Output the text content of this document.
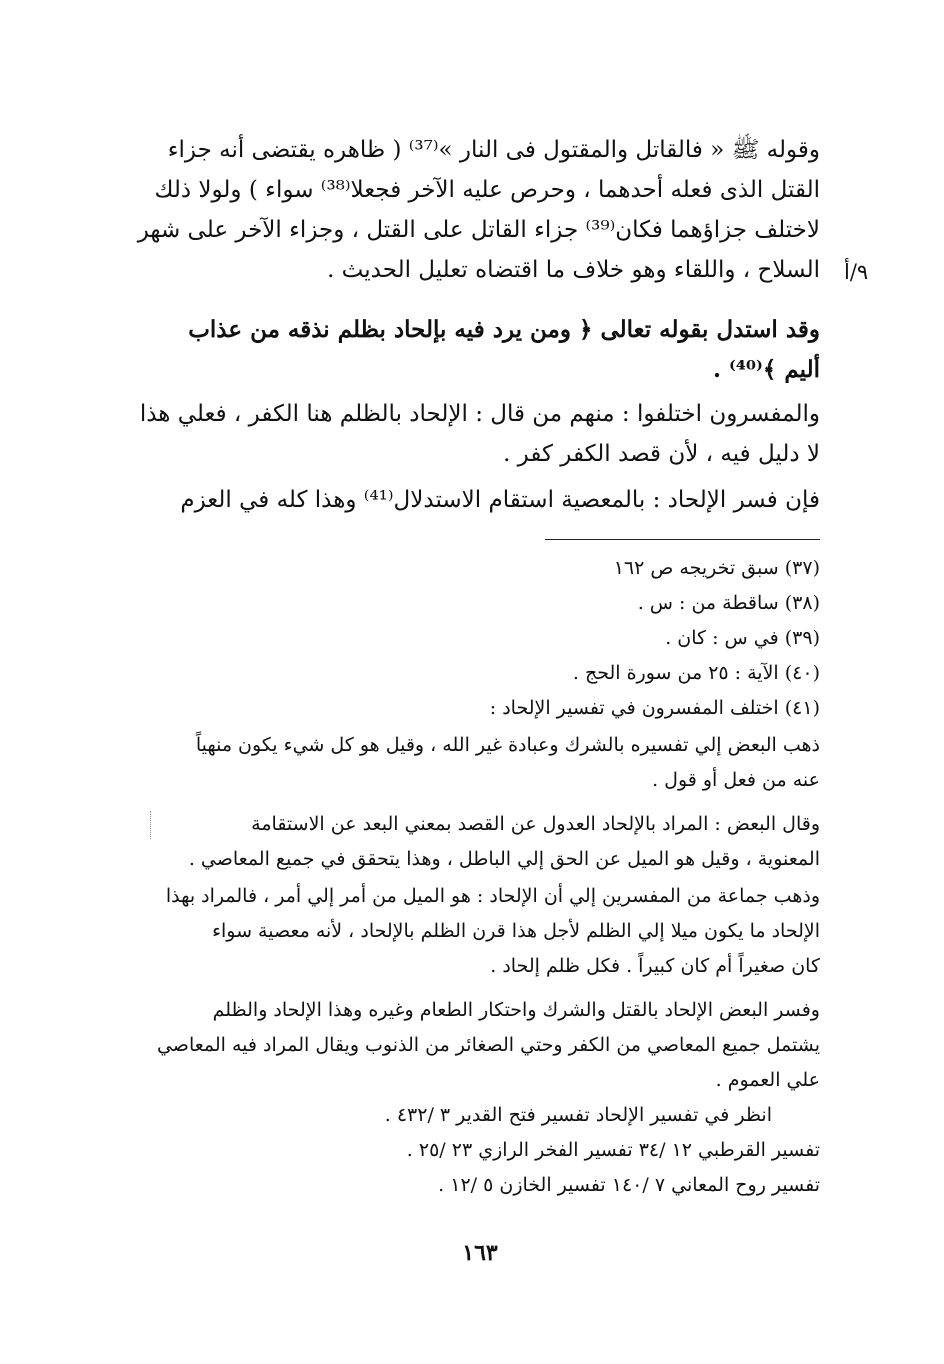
وقوله ﷺ « فالقاتل والمقتول فى النار »⁽³⁷⁾ ( ظاهره يقتضى أنه جزاء
القتل الذى فعله أحدهما ، وحرص عليه الآخر فجعلا⁽³⁸⁾ سواء ) ولولا ذلك
لاختلف جزاؤهما فكان⁽³⁹⁾ جزاء القاتل على القتل ، وجزاء الآخر على شهر
السلاح ، واللقاء وهو خلاف ما اقتضاه تعليل الحديث . ٩/أ
وقد استدل بقوله تعالى ﴿ ومن يرد فيه بإلحاد بظلم نذقه من عذاب
أليم ﴾⁽⁴⁰⁾ .
والمفسرون اختلفوا : منهم من قال : الإلحاد بالظلم هنا الكفر ، فعلي هذا
لا دليل فيه ، لأن قصد الكفر كفر .
فإن فسر الإلحاد : بالمعصية استقام الاستدلال⁽⁴¹⁾ وهذا كله في العزم
(٣٧) سبق تخريجه ص ١٦٢
(٣٨) ساقطة من : س .
(٣٩) في س : كان .
(٤٠) الآية : ٢٥ من سورة الحج .
(٤١) اختلف المفسرون في تفسير الإلحاد :
ذهب البعض إلي تفسيره بالشرك وعبادة غير الله ، وقيل هو كل شيء يكون منهياً
عنه من فعل أو قول .
وقال البعض : المراد بالإلحاد العدول عن القصد بمعني البعد عن الاستقامة
المعنوية ، وقيل هو الميل عن الحق إلي الباطل ، وهذا يتحقق في جميع المعاصي .
وذهب جماعة من المفسرين إلي أن الإلحاد : هو الميل من أمر إلي أمر ، فالمراد بهذا
الإلحاد ما يكون ميلا إلي الظلم لأجل هذا قرن الظلم بالإلحاد ، لأنه معصية سواء
كان صغيراً أم كان كبيراً . فكل ظلم إلحاد .
وفسر البعض الإلحاد بالقتل والشرك واحتكار الطعام وغيره وهذا الإلحاد والظلم
يشتمل جميع المعاصي من الكفر وحتي الصغائر من الذنوب ويقال المراد فيه المعاصي
علي العموم .
انظر في تفسير الإلحاد تفسير فتح القدير ٣ /٤٣٢ .
تفسير القرطبي ١٢ /٣٤ تفسير الفخر الرازي ٢٣ /٢٥ .
تفسير روح المعاني ٧ /١٤٠ تفسير الخازن ٥ /١٢ .
١٦٣
